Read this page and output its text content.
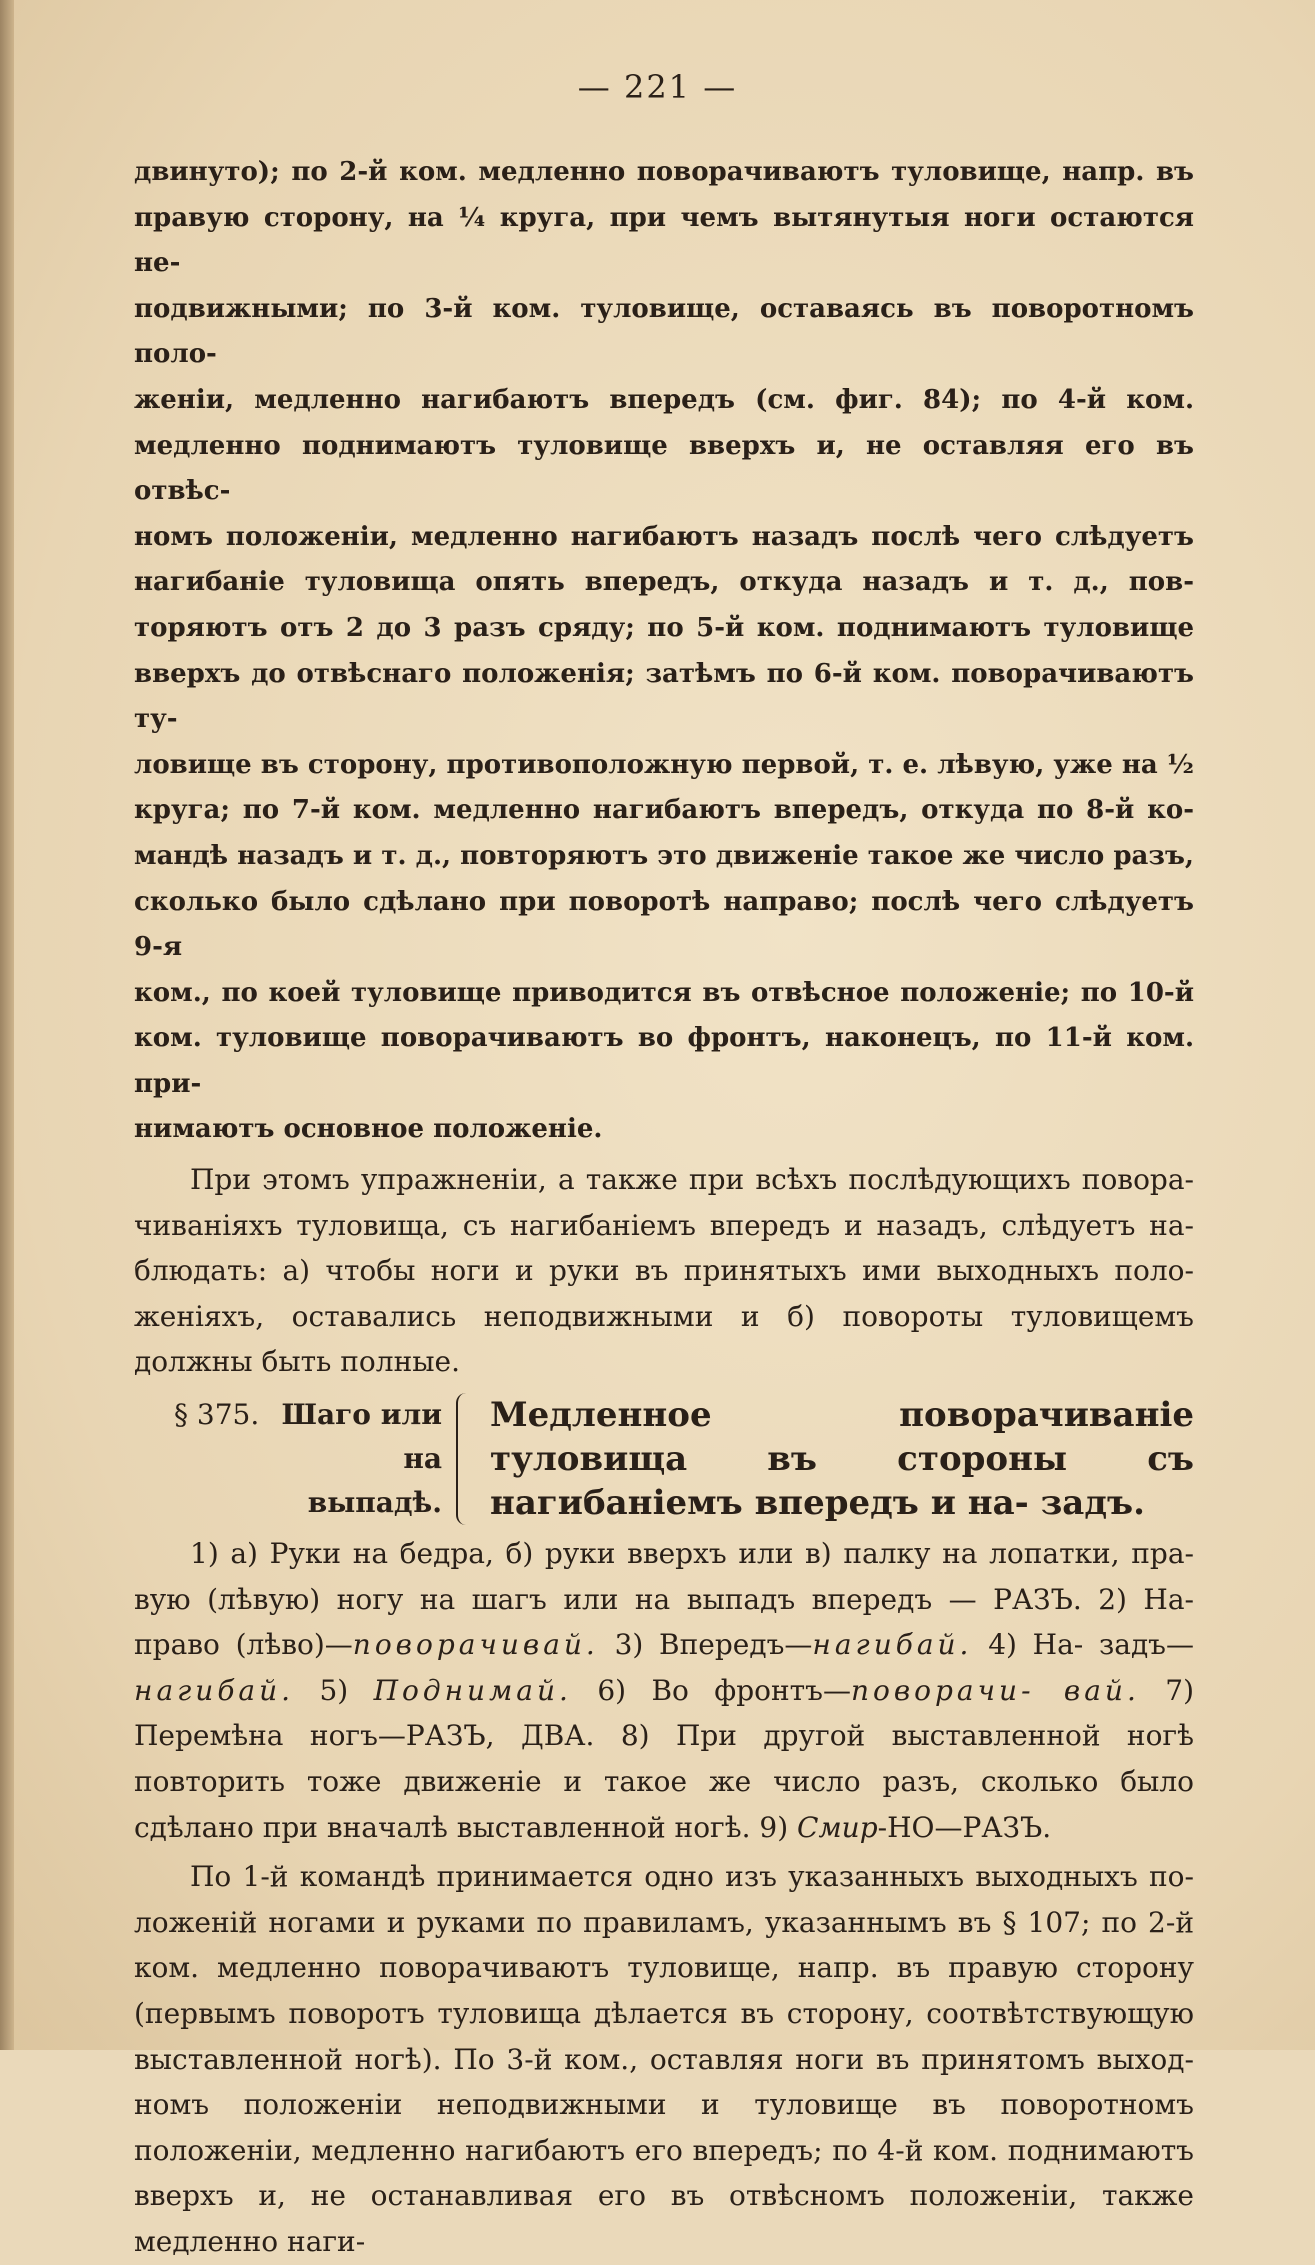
— 221 —

двинуто); по 2-й ком. медленно поворачиваютъ туловище, напр. въ

правую сторону, на ¼ круга, при чемъ вытянутыя ноги остаются не-

подвижными; по 3-й ком. туловище, оставаясь въ поворотномъ поло-

женіи, медленно нагибаютъ впередъ (см. фиг. 84); по 4-й ком.

медленно поднимаютъ туловище вверхъ и, не оставляя его въ отвѣс-

номъ положеніи, медленно нагибаютъ назадъ послѣ чего слѣдуетъ

нагибаніе туловища опять впередъ, откуда назадъ и т. д., пов-

торяютъ отъ 2 до 3 разъ сряду; по 5-й ком. поднимаютъ туловище

вверхъ до отвѣснаго положенія; затѣмъ по 6-й ком. поворачиваютъ ту-

ловище въ сторону, противоположную первой, т. е. лѣвую, уже на ½

круга; по 7-й ком. медленно нагибаютъ впередъ, откуда по 8-й ко-

мандѣ назадъ и т. д., повторяютъ это движеніе такое же число разъ,

сколько было сдѣлано при поворотѣ направо; послѣ чего слѣдуетъ 9-я

ком., по коей туловище приводится въ отвѣсное положеніе; по 10-й

ком. туловище поворачиваютъ во фронтъ, наконецъ, по 11-й ком. при-

нимаютъ основное положеніе.

При этомъ упражненіи, а также при всѣхъ послѣдующихъ повора- чиваніяхъ туловища, съ нагибаніемъ впередъ и назадъ, слѣдуетъ на- блюдать: а) чтобы ноги и руки въ принятыхъ ими выходныхъ поло- женіяхъ, оставались неподвижными и б) повороты туловищемъ должны быть полные.

§ 375. Шаго или
на
выпадѣ.
Медленное поворачиваніе туловища въ стороны съ нагибаніемъ впередъ и на- задъ.

1) а) Руки на бедра, б) руки вверхъ или в) палку на лопатки, пра- вую (лѣвую) ногу на шагъ или на выпадъ впередъ — РАЗЪ. 2) На- право (лѣво)—поворачивай. 3) Впередъ—нагибай. 4) На- задъ—нагибай. 5) Поднимай. 6) Во фронтъ—поворачи- вай. 7) Перемѣна ногъ—РАЗЪ, ДВА. 8) При другой выставленной ногѣ повторить тоже движеніе и такое же число разъ, сколько было сдѣлано при вначалѣ выставленной ногѣ. 9) Смир-НО—РАЗЪ.

По 1-й командѣ принимается одно изъ указанныхъ выходныхъ по- ложеній ногами и руками по правиламъ, указаннымъ въ § 107; по 2-й ком. медленно поворачиваютъ туловище, напр. въ правую сторону (первымъ поворотъ туловища дѣлается въ сторону, соотвѣтствующую выставленной ногѣ). По 3-й ком., оставляя ноги въ принятомъ выход- номъ положеніи неподвижными и туловище въ поворотномъ положеніи, медленно нагибаютъ его впередъ; по 4-й ком. поднимаютъ вверхъ и, не останавливая его въ отвѣсномъ положеніи, также медленно наги-
